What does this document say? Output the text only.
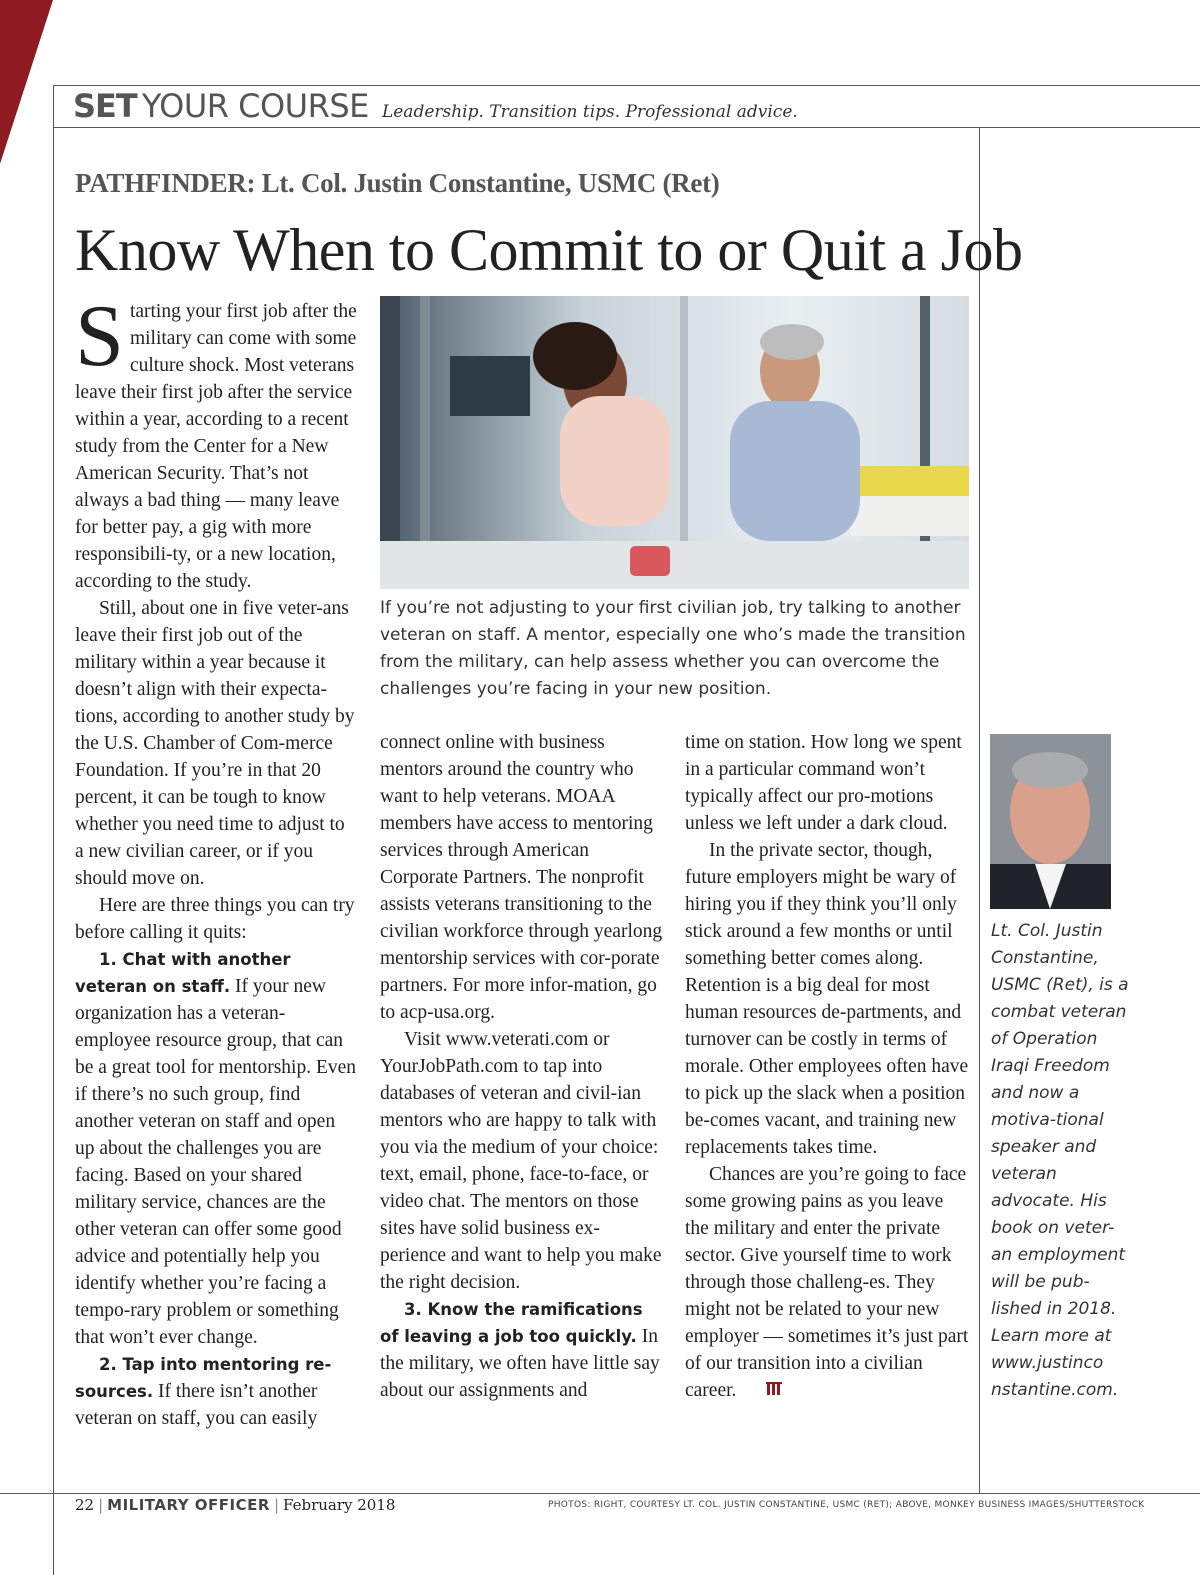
SET YOUR COURSE Leadership. Transition tips. Professional advice.
PATHFINDER: Lt. Col. Justin Constantine, USMC (Ret)
Know When to Commit to or Quit a Job

Starting your first job after the military can come with some culture shock. Most veterans leave their first job after the service within a year, according to a recent study from the Center for a New American Security. That’s not always a bad thing — many leave for better pay, a gig with more responsibili-ty, or a new location, according to the study.

Still, about one in five veter-ans leave their first job out of the military within a year because it doesn’t align with their expecta-tions, according to another study by the U.S. Chamber of Com-merce Foundation. If you’re in that 20 percent, it can be tough to know whether you need time to adjust to a new civilian career, or if you should move on.

Here are three things you can try before calling it quits:

1. Chat with another veteran on staff. If your new organization has a veteran-employee resource group, that can be a great tool for mentorship. Even if there’s no such group, find another veteran on staff and open up about the challenges you are facing. Based on your shared military service, chances are the other veteran can offer some good advice and potentially help you identify whether you’re facing a tempo-rary problem or something that won’t ever change.

2. Tap into mentoring re-sources. If there isn’t another veteran on staff, you can easily

If you’re not adjusting to your first civilian job, try talking to another veteran on staff. A mentor, especially one who’s made the transition from the military, can help assess whether you can overcome the challenges you’re facing in your new position.

connect online with business mentors around the country who want to help veterans. MOAA members have access to mentoring services through American Corporate Partners. The nonprofit assists veterans transitioning to the civilian workforce through yearlong mentorship services with cor-porate partners. For more infor-mation, go to acp-usa.org.

Visit www.veterati.com or YourJobPath.com to tap into databases of veteran and civil-ian mentors who are happy to talk with you via the medium of your choice: text, email, phone, face-to-face, or video chat. The mentors on those sites have solid business ex-perience and want to help you make the right decision.

3. Know the ramifications of leaving a job too quickly. In the military, we often have little say about our assignments and

time on station. How long we spent in a particular command won’t typically affect our pro-motions unless we left under a dark cloud.

In the private sector, though, future employers might be wary of hiring you if they think you’ll only stick around a few months or until something better comes along. Retention is a big deal for most human resources de-partments, and turnover can be costly in terms of morale. Other employees often have to pick up the slack when a position be-comes vacant, and training new replacements takes time.

Chances are you’re going to face some growing pains as you leave the military and enter the private sector. Give yourself time to work through those challeng-es. They might not be related to your new employer — sometimes it’s just part of our transition into a civilian career.

Lt. Col. Justin Constantine, USMC (Ret), is a combat veteran of Operation Iraqi Freedom and now a motiva-tional speaker and veteran advocate. His book on veter-an employment will be pub-lished in 2018. Learn more at www.justinco nstantine.com.
22 | MILITARY OFFICER | February 2018	PHOTOS: RIGHT, COURTESY LT. COL. JUSTIN CONSTANTINE, USMC (RET); ABOVE, MONKEY BUSINESS IMAGES/SHUTTERSTOCK
